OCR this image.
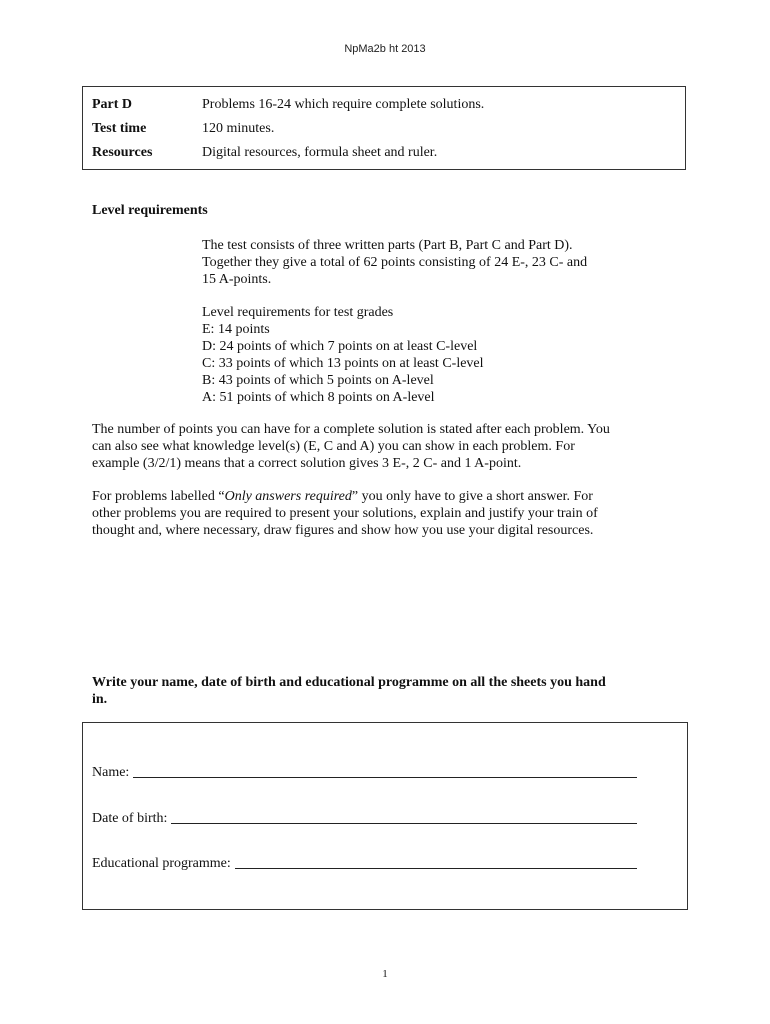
NpMa2b ht 2013
Part D	Problems 16-24 which require complete solutions.
Test time	120 minutes.
Resources	Digital resources, formula sheet and ruler.
Level requirements

The test consists of three written parts (Part B, Part C and Part D).

Together they give a total of 62 points consisting of 24 E-, 23 C- and

15 A-points.

Level requirements for test grades

E: 14 points
D: 24 points of which 7 points on at least C-level
C: 33 points of which 13 points on at least C-level
B: 43 points of which 5 points on A-level
A: 51 points of which 8 points on A-level

The number of points you can have for a complete solution is stated after each problem. You

can also see what knowledge level(s) (E, C and A) you can show in each problem. For

example (3/2/1) means that a correct solution gives 3 E-, 2 C- and 1 A-point.

For problems labelled “Only answers required” you only have to give a short answer. For

other problems you are required to present your solutions, explain and justify your train of

thought and, where necessary, draw figures and show how you use your digital resources.

Write your name, date of birth and educational programme on all the sheets you hand
in.
Name:
Date of birth:
Educational programme:
1
